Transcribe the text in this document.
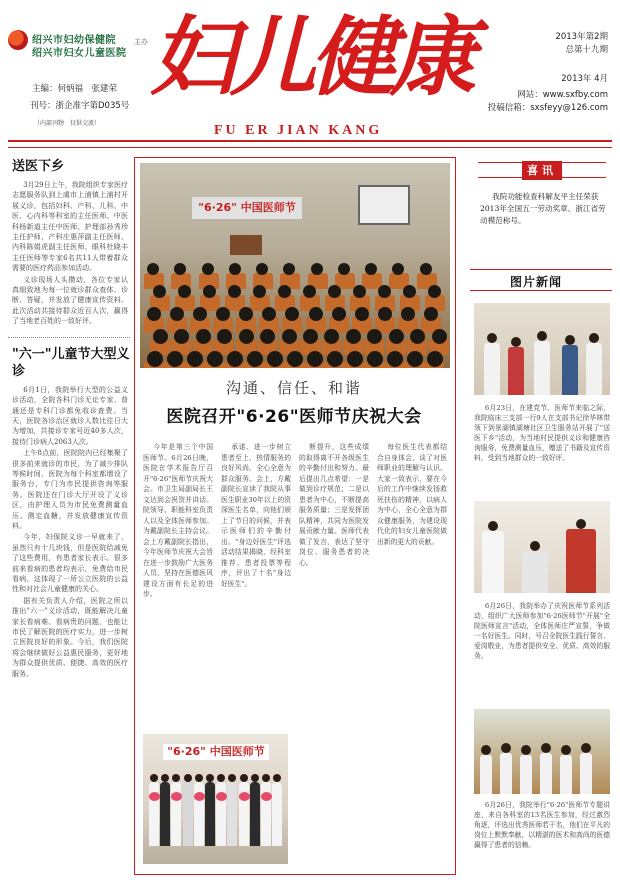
绍兴市妇幼保健院
绍兴市妇女儿童医院
主办
主编：何炳福　张建荣
刊号：浙企准字第D035号
（内部刊物　仅供交流）
妇儿健康
FU ER JIAN KANG
2013年第2期
总第十九期
2013年 4月
网站：www.sxfby.com
投稿信箱：sxsfeyy@126.com
送医下乡

3月29日上午，我院组织专家医疗志愿服务队到上虞市上浦镇上浦村开展义诊，包括妇科、产科、儿科、中医、心内科等科室的主任医师。中医科杨新道主任中医师、护理部孙秀珍主任护师、产科庄惠萍副主任医师、内科陈娟虎副主任医师、眼科杜晓丰主任医师等专家6名共11人带着群众需要的医疗药品参加活动。

义诊现场人头攒动，各位专家认真细致地为每一位就诊群众查体、诊断、答疑，并发放了健康宣传资料。此次活动共接待群众近百人次，赢得了当地老百姓的一致好评。

"六一"儿童节大型义诊

6月1日，我院举行大型的公益义诊活动，全院各科门诊无论专家、普通还是专科门诊都免收诊查费。当天，医院各诊治区就诊人数比往日大为增加，共接诊专家号近40多人次，接待门诊病人2063人次。

上午8点前，医院院内已经集聚了很多前来就诊的市民，为了减少排队等候时间，医院为每个科室都增设了服务台，专门为市民提供咨询等服务。医院还在门诊大厅开设了义诊区，由护理人员为市民免费测量血压、测定血糖，并发放健康宣传资料。

今年，妇保院义诊一早就来了，虽然只有十几块钱，但是医院给减免了这些费用，有患者家长表示。很多前来看病的患者均表示，免费给市民看病，这体现了一所公立医院的公益性和对社会儿童健康的关心。

据有关负责人介绍，医院之所以推出"六一"义诊活动，既能解决儿童家长看病难、看病贵的问题，也能让市民了解医院的医疗实力，进一步树立医院良好的形象。今后，我们医院将会继续做好公益惠民服务，更好地为群众提供优质、便捷、高效的医疗服务。

"6·26" 中国医师节
沟通、信任、和谐
医院召开"6·26"医师节庆祝大会

今年是第三个中国医师节。6月26日晚，医院在学术报告厅召开"6·26"医师节庆祝大会。市卫生局副局长王文达到会祝贺并讲话。院领导、职能科室负责人以及全体医师参加。为戴副院长主持会议。会上方戴副院长指出，今年医师节庆祝大会旨在进一步鼓励广大医务人员，坚持在医德医风建设方面有长足的进步。

承诺、进一步树立患者至上、热情服务的良好风尚、全心全意为群众服务。会上，方戴副院长宣读了我院从事医生职业30年以上的资深医生名单，向他们颁上了节日的问候，并表示医师们的辛勤付出。"身边好医生"评选活动结果揭晓，经科室推荐、患者投票等程序，评出了十名"身边好医生"。

断提升，这些成绩的取得离不开各级医生的辛勤付出和努力。最后提出几点希望：一是做到诊疗规范；二是以患者为中心，不断提高服务质量；三是发挥团队精神，共同为医院发展贡献力量。医师代表做了发言，表达了坚守岗位、服务患者的决心。

每位医生代表都结合自身体会，谈了对医师职业的理解与认识。大家一致表示，要在今后的工作中继续发扬救死扶伤的精神，以病人为中心，全心全意为群众健康服务，为建设现代化的妇女儿童医院做出新的更大的贡献。

"6·26" 中国医师节
喜讯
我院功能检查科解友平主任荣获2013年全国五一劳动奖章、浙江省劳动模范称号。
图片新闻
6月23日，在建党节、医师节来临之际，我院临床三支部一行9人在支部书记徐华林带领下到景湖镇湖塘社区卫生服务站开展了"送医下乡"活动，为当地村民提供义诊和健康咨询服务，免费测量血压，赠送了书籍及宣传资料，受到当地群众的一致好评。
6月26日，我院举办了庆祝医师节系列活动，组织广大医师参加"6·26医师节"开展"全院医师宣言"活动，全体医师庄严宣誓，争做一名好医生。同时，号召全院医生践行誓言、爱岗敬业，为患者提供安全、优质、高效的服务。
6月26日，我院举行"6·26"医师节专题讲座，来自各科室的13名医生参加，经过激烈角逐，评选出优秀医师若干名，他们在平凡的岗位上默默奉献，以精湛的医术和高尚的医德赢得了患者的信赖。
